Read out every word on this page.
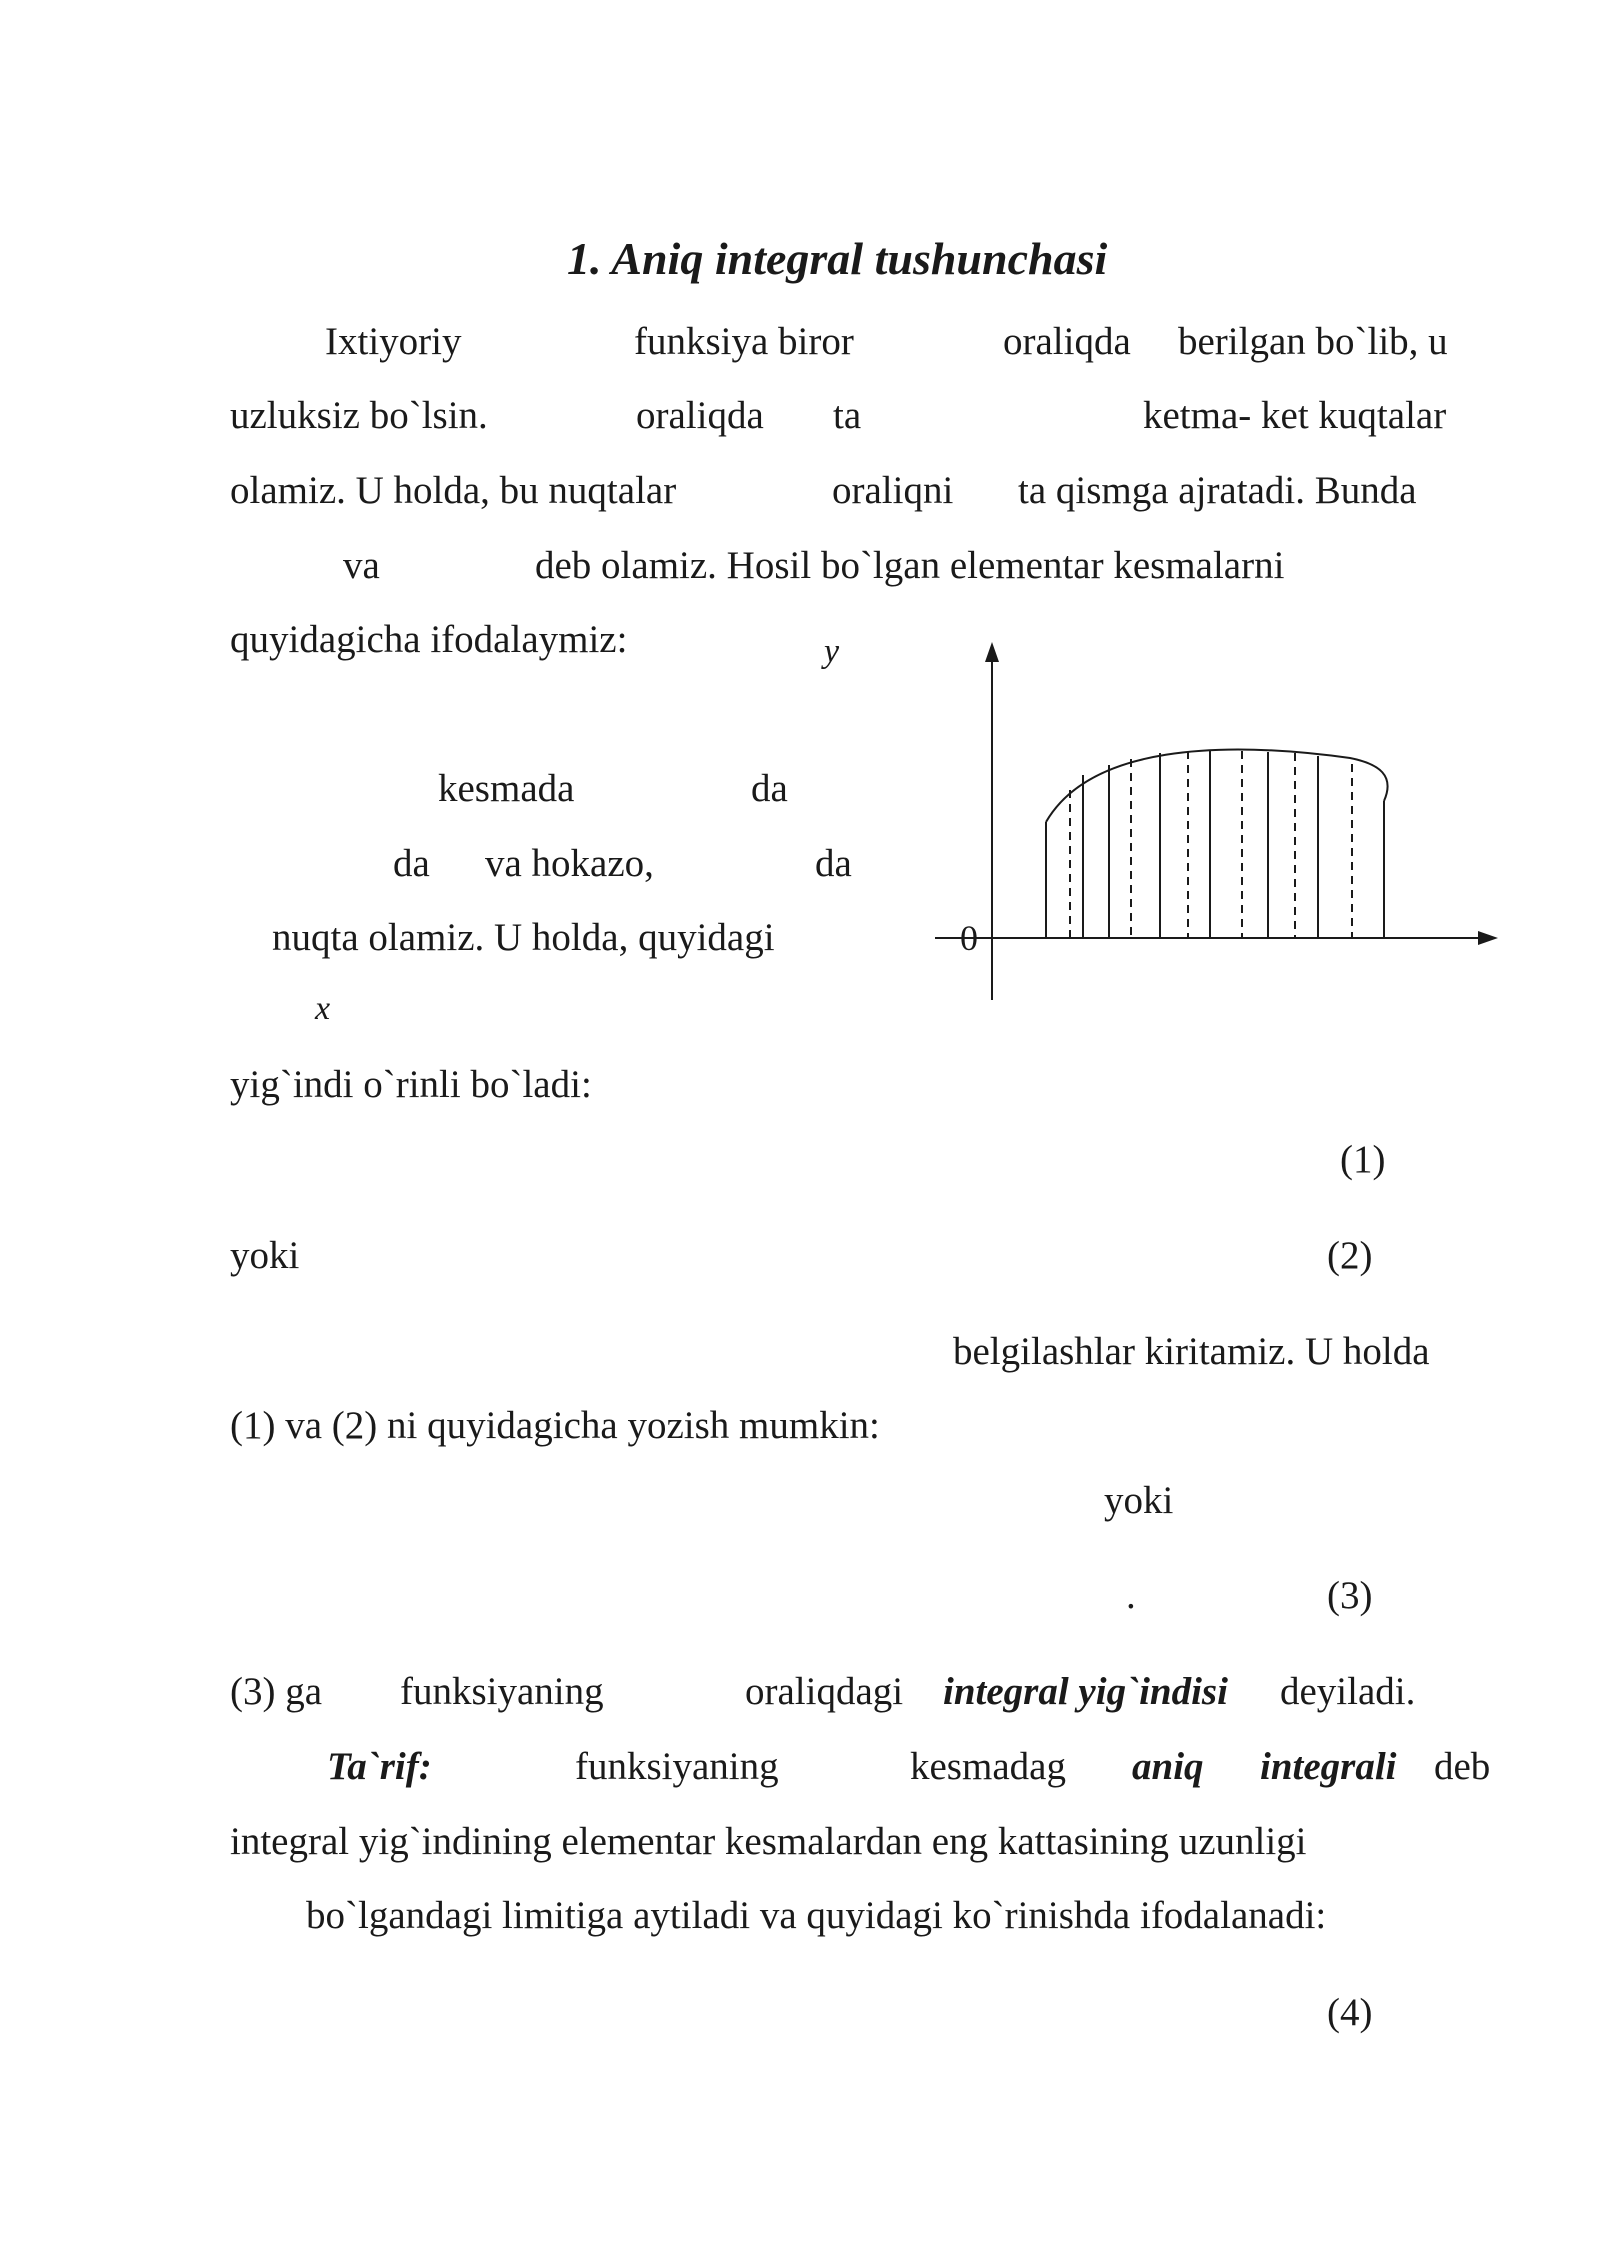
1. Aniq integral tushunchasi
Ixtiyoriy	funksiya biror	oraliqda berilgan bo`lib, u
uzluksiz bo`lsin.	oraliqda ta	ketma- ket kuqtalar
olamiz. U holda, bu nuqtalar	oraliqni ta qismga ajratadi. Bunda
va	deb olamiz. Hosil bo`lgan elementar kesmalarni
quyidagicha ifodalaymiz:
kesmada	da
da va hokazo,	da
nuqta olamiz. U holda, quyidagi
y
0
x
yig`indi o`rinli bo`ladi:
(1)
yoki	(2)
belgilashlar kiritamiz. U holda
(1) va (2) ni quyidagicha yozish mumkin:
yoki
.	(3)
(3) ga funksiyaning	oraliqdagi integral yig`indisi deyiladi.
Ta`rif:	funksiyaning	kesmadag aniq integrali deb
integral yig`indining elementar kesmalardan eng kattasining uzunligi
bo`lgandagi limitiga aytiladi va quyidagi ko`rinishda ifodalanadi:
(4)
